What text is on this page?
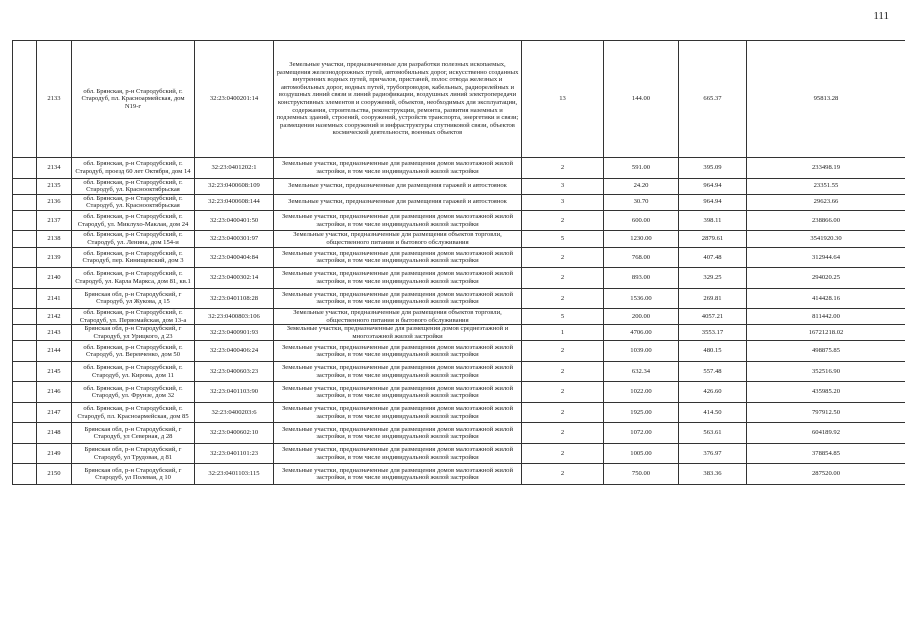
111
	2133	обл. Брянская, р-н Стародубский, г. Стародуб, пл. Красноармейская, дом N19-г	32:23:0400201:14	Земельные участки, предназначенные для разработки полезных ископаемых, размещения железнодорожных путей, автомобильных дорог, искусственно созданных внутренних водных путей, причалов, пристаней, полос отвода железных и автомобильных дорог, водных путей, трубопроводов, кабельных, радиорелейных и воздушных линий связи и линий радиофикации, воздушных линий электропередачи конструктивных элементов и сооружений, объектов, необходимых для эксплуатации, содержания, строительства, реконструкции, ремонта, развития наземных и подземных зданий, строений, сооружений, устройств транспорта, энергетики и связи; размещения наземных сооружений и инфраструктуры спутниковой связи, объектов космической деятельности, военных объектов	13	144.00	665.37	95813.28
	2134	обл. Брянская, р-н Стародубский, г. Стародуб, проезд 60 лет Октября, дом 14	32:23:0401202:1	Земельные участки, предназначенные для размещения домов малоэтажной жилой застройки, в том числе индивидуальной жилой застройки	2	591.00	395.09	233498.19
	2135	обл. Брянская, р-н Стародубский, г. Стародуб, ул. Краснооктябрьская	32:23:0400608:109	Земельные участки, предназначенные для размещения гаражей и автостоянок	3	24.20	964.94	23351.55
	2136	обл. Брянская, р-н Стародубский, г. Стародуб, ул. Краснооктябрьская	32:23:0400608:144	Земельные участки, предназначенные для размещения гаражей и автостоянок	3	30.70	964.94	29623.66
	2137	обл. Брянская, р-н Стародубский, г. Стародуб, ул. Миклухо-Маклая, дом 24	32:23:0400401:50	Земельные участки, предназначенные для размещения домов малоэтажной жилой застройки, в том числе индивидуальной жилой застройки	2	600.00	398.11	238866.00
	2138	обл. Брянская, р-н Стародубский, г. Стародуб, ул. Ленина, дом 154-и	32:23:0400301:97	Земельные участки, предназначенные для размещения объектов торговли, общественного питания и бытового обслуживания	5	1230.00	2879.61	3541920.30
	2139	обл. Брянская, р-н Стародубский, г. Стародуб, пер. Кинищевский, дом 3	32:23:0400404:84	Земельные участки, предназначенные для размещения домов малоэтажной жилой застройки, в том числе индивидуальной жилой застройки	2	768.00	407.48	312944.64
	2140	обл. Брянская, р-н Стародубский, г. Стародуб, ул. Карла Маркса, дом 81, кв.1	32:23:0400302:14	Земельные участки, предназначенные для размещения домов малоэтажной жилой застройки, в том числе индивидуальной жилой застройки	2	893.00	329.25	294020.25
	2141	Брянская обл, р-н Стародубский, г Стародуб, ул Жукова, д 15	32:23:0401108:28	Земельные участки, предназначенные для размещения домов малоэтажной жилой застройки, в том числе индивидуальной жилой застройки	2	1536.00	269.81	414428.16
	2142	обл. Брянская, р-н Стародубский, г. Стародуб, ул. Первомайская, дом 13-а	32:23:0400803:106	Земельные участки, предназначенные для размещения объектов торговли, общественного питания и бытового обслуживания	5	200.00	4057.21	811442.00
	2143	Брянская обл, р-н Стародубский, г Стародуб, ул Урицкого, д 23	32:23:0400901:93	Земельные участки, предназначенные для размещения домов среднеэтажной и многоэтажной жилой застройки	1	4706.00	3553.17	16721218.02
	2144	обл. Брянская, р-н Стародубский, г. Стародуб, ул. Веревченко, дом 50	32:23:0400406:24	Земельные участки, предназначенные для размещения домов малоэтажной жилой застройки, в том числе индивидуальной жилой застройки	2	1039.00	480.15	498875.85
	2145	обл. Брянская, р-н Стародубский, г. Стародуб, ул. Кирова, дом 11	32:23:0400603:23	Земельные участки, предназначенные для размещения домов малоэтажной жилой застройки, в том числе индивидуальной жилой застройки	2	632.34	557.48	352516.90
	2146	обл. Брянская, р-н Стародубский, г. Стародуб, ул. Фрунзе, дом 32	32:23:0401103:90	Земельные участки, предназначенные для размещения домов малоэтажной жилой застройки, в том числе индивидуальной жилой застройки	2	1022.00	426.60	435985.20
	2147	обл. Брянская, р-н Стародубский, г. Стародуб, пл. Красноармейская, дом 85	32:23:0400203:6	Земельные участки, предназначенные для размещения домов малоэтажной жилой застройки, в том числе индивидуальной жилой застройки	2	1925.00	414.50	797912.50
	2148	Брянская обл, р-н Стародубский, г Стародуб, ул Северная, д 28	32:23:0400602:10	Земельные участки, предназначенные для размещения домов малоэтажной жилой застройки, в том числе индивидуальной жилой застройки	2	1072.00	563.61	604189.92
	2149	Брянская обл, р-н Стародубский, г Стародуб, ул Трудовая, д 81	32:23:0401101:23	Земельные участки, предназначенные для размещения домов малоэтажной жилой застройки, в том числе индивидуальной жилой застройки	2	1005.00	376.97	378854.85
	2150	Брянская обл, р-н Стародубский, г Стародуб, ул Полевая, д 10	32:23:0401103:115	Земельные участки, предназначенные для размещения домов малоэтажной жилой застройки, в том числе индивидуальной жилой застройки	2	750.00	383.36	287520.00
